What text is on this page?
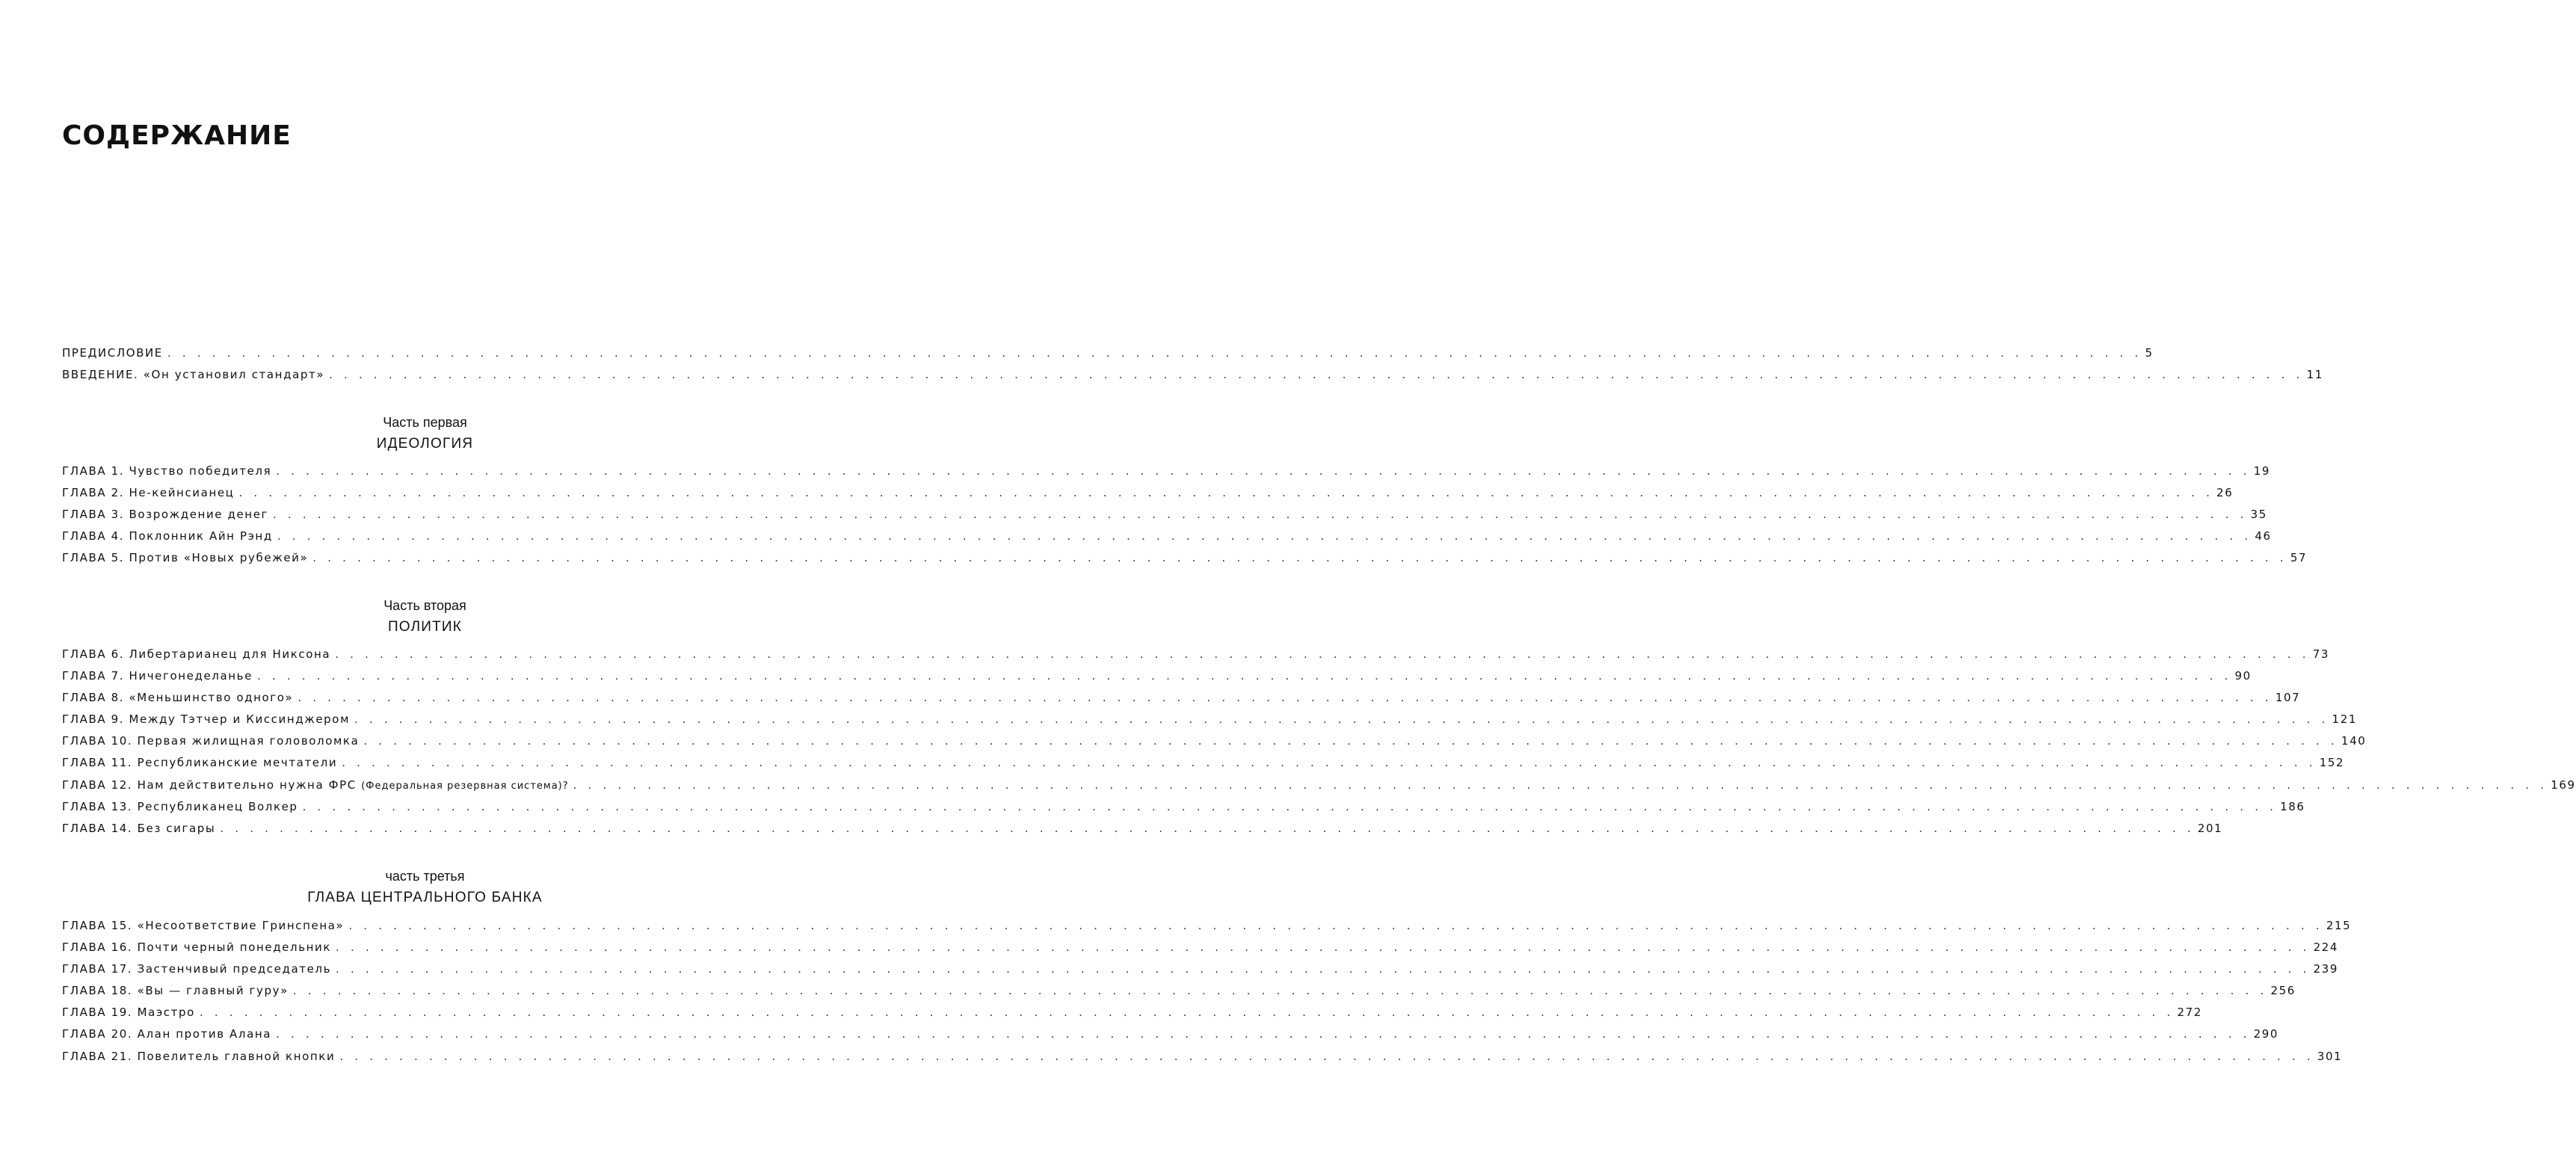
СОДЕРЖАНИЕ
ПРЕДИСЛОВИЕ . . .	5
ВВЕДЕНИЕ. «Он установил стандарт» . . .	11

Часть первая

ИДЕОЛОГИЯ

ГЛАВА 1. Чувство победителя . . .	19
ГЛАВА 2. Не-кейнсианец . . .	26
ГЛАВА 3. Возрождение денег . . .	35
ГЛАВА 4. Поклонник Айн Рэнд . . .	46
ГЛАВА 5. Против «Новых рубежей» . . .	57

Часть вторая

ПОЛИТИК

ГЛАВА 6. Либертарианец для Никсона . . .	73
ГЛАВА 7. Ничегонеделанье . . .	90
ГЛАВА 8. «Меньшинство одного» . . .	107
ГЛАВА 9. Между Тэтчер и Киссинджером . . .	121
ГЛАВА 10. Первая жилищная головоломка . . .	140
ГЛАВА 11. Республиканские мечтатели . . .	152
ГЛАВА 12. Нам действительно нужна ФРС (Федеральная резервная система)? . . .	169
ГЛАВА 13. Республиканец Волкер . . .	186
ГЛАВА 14. Без сигары . . .	201

часть третья

ГЛАВА ЦЕНТРАЛЬНОГО БАНКА

ГЛАВА 15. «Несоответствие Гринспена» . . .	215
ГЛАВА 16. Почти черный понедельник . . .	224
ГЛАВА 17. Застенчивый председатель . . .	239
ГЛАВА 18. «Вы — главный гуру» . . .	256
ГЛАВА 19. Маэстро . . .	272
ГЛАВА 20. Алан против Алана . . .	290
ГЛАВА 21. Повелитель главной кнопки . . .	301
